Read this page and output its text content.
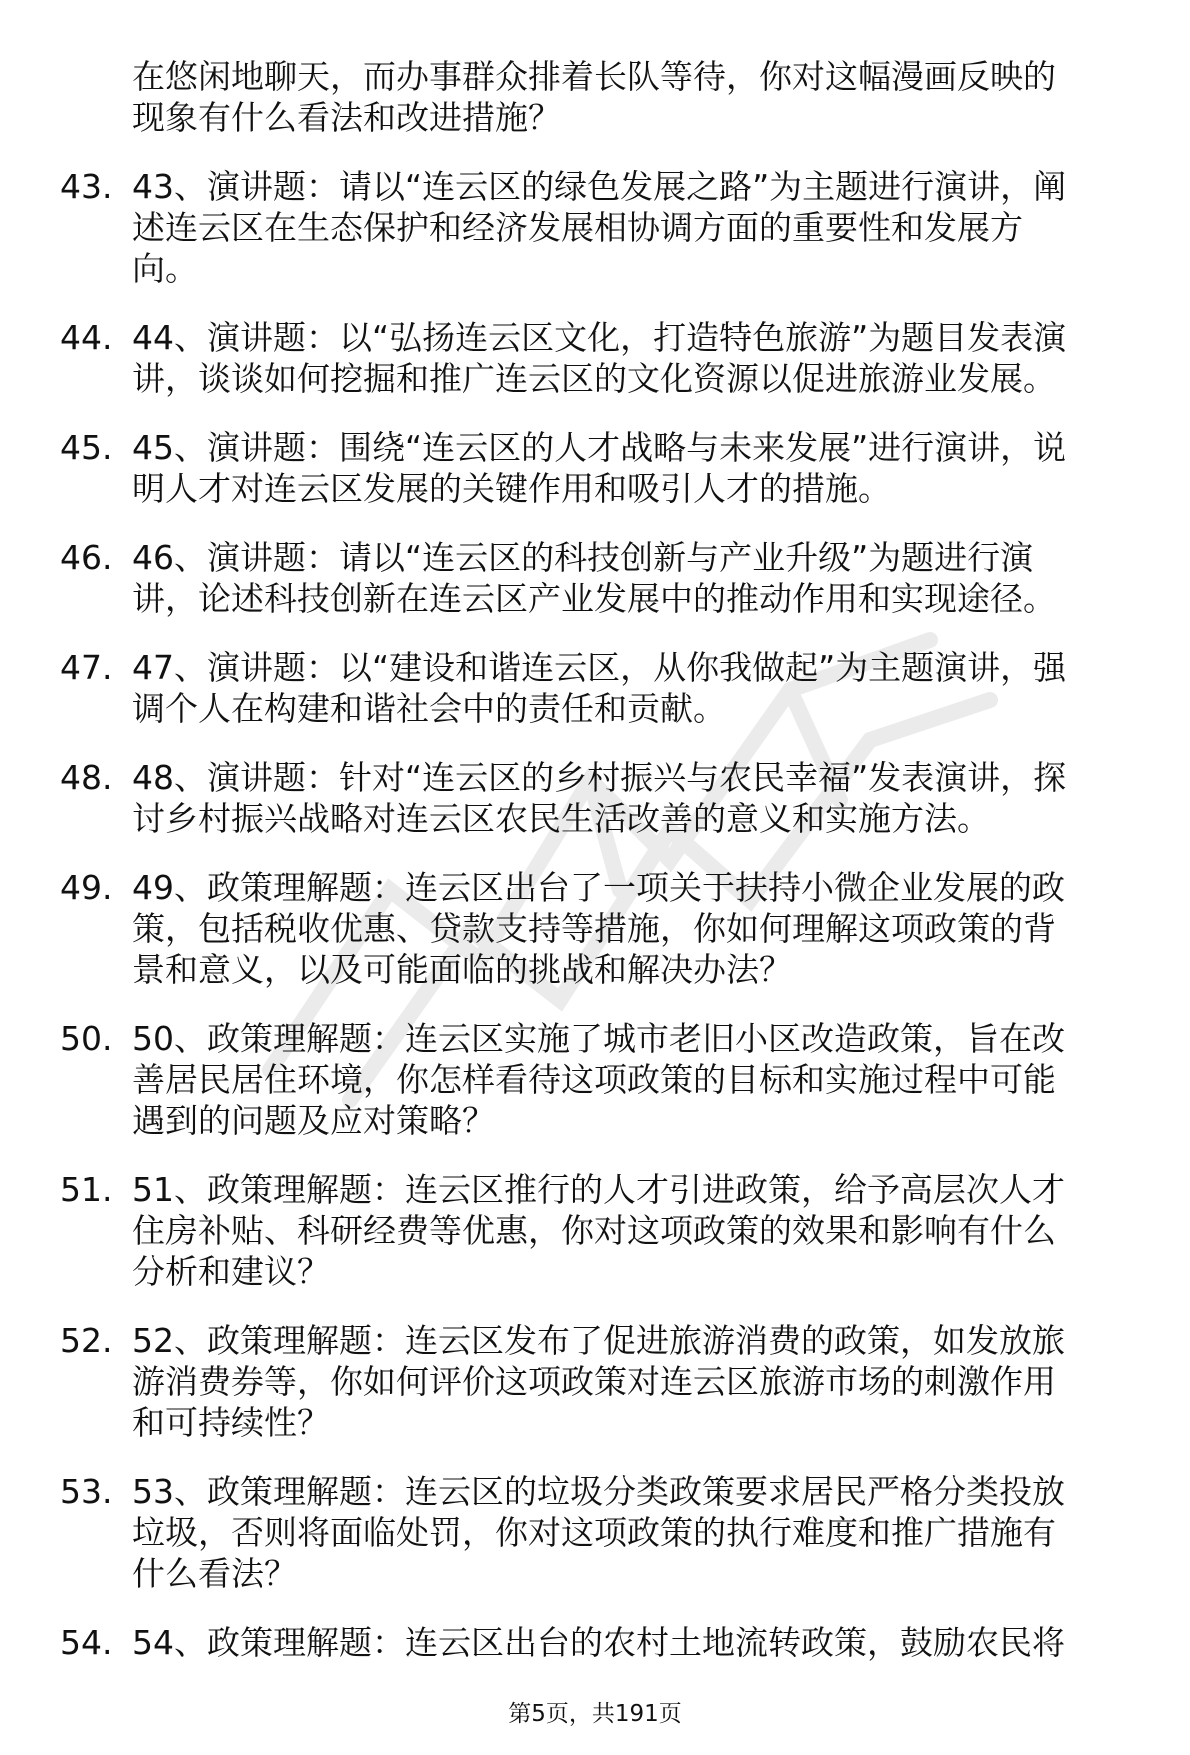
在悠闲地聊天，而办事群众排着长队等待，你对这幅漫画反映的
现象有什么看法和改进措施？
43. 43、演讲题：请以“连云区的绿色发展之路”为主题进行演讲，阐
述连云区在生态保护和经济发展相协调方面的重要性和发展方
向。
44. 44、演讲题：以“弘扬连云区文化，打造特色旅游”为题目发表演
讲，谈谈如何挖掘和推广连云区的文化资源以促进旅游业发展。
45. 45、演讲题：围绕“连云区的人才战略与未来发展”进行演讲，说
明人才对连云区发展的关键作用和吸引人才的措施。
46. 46、演讲题：请以“连云区的科技创新与产业升级”为题进行演
讲，论述科技创新在连云区产业发展中的推动作用和实现途径。
47. 47、演讲题：以“建设和谐连云区，从你我做起”为主题演讲，强
调个人在构建和谐社会中的责任和贡献。
48. 48、演讲题：针对“连云区的乡村振兴与农民幸福”发表演讲，探
讨乡村振兴战略对连云区农民生活改善的意义和实施方法。
49. 49、政策理解题：连云区出台了一项关于扶持小微企业发展的政
策，包括税收优惠、贷款支持等措施，你如何理解这项政策的背
景和意义，以及可能面临的挑战和解决办法？
50. 50、政策理解题：连云区实施了城市老旧小区改造政策，旨在改
善居民居住环境，你怎样看待这项政策的目标和实施过程中可能
遇到的问题及应对策略？
51. 51、政策理解题：连云区推行的人才引进政策，给予高层次人才
住房补贴、科研经费等优惠，你对这项政策的效果和影响有什么
分析和建议？
52. 52、政策理解题：连云区发布了促进旅游消费的政策，如发放旅
游消费券等，你如何评价这项政策对连云区旅游市场的刺激作用
和可持续性？
53. 53、政策理解题：连云区的垃圾分类政策要求居民严格分类投放
垃圾，否则将面临处罚，你对这项政策的执行难度和推广措施有
什么看法？
54. 54、政策理解题：连云区出台的农村土地流转政策，鼓励农民将
第5页，共191页
